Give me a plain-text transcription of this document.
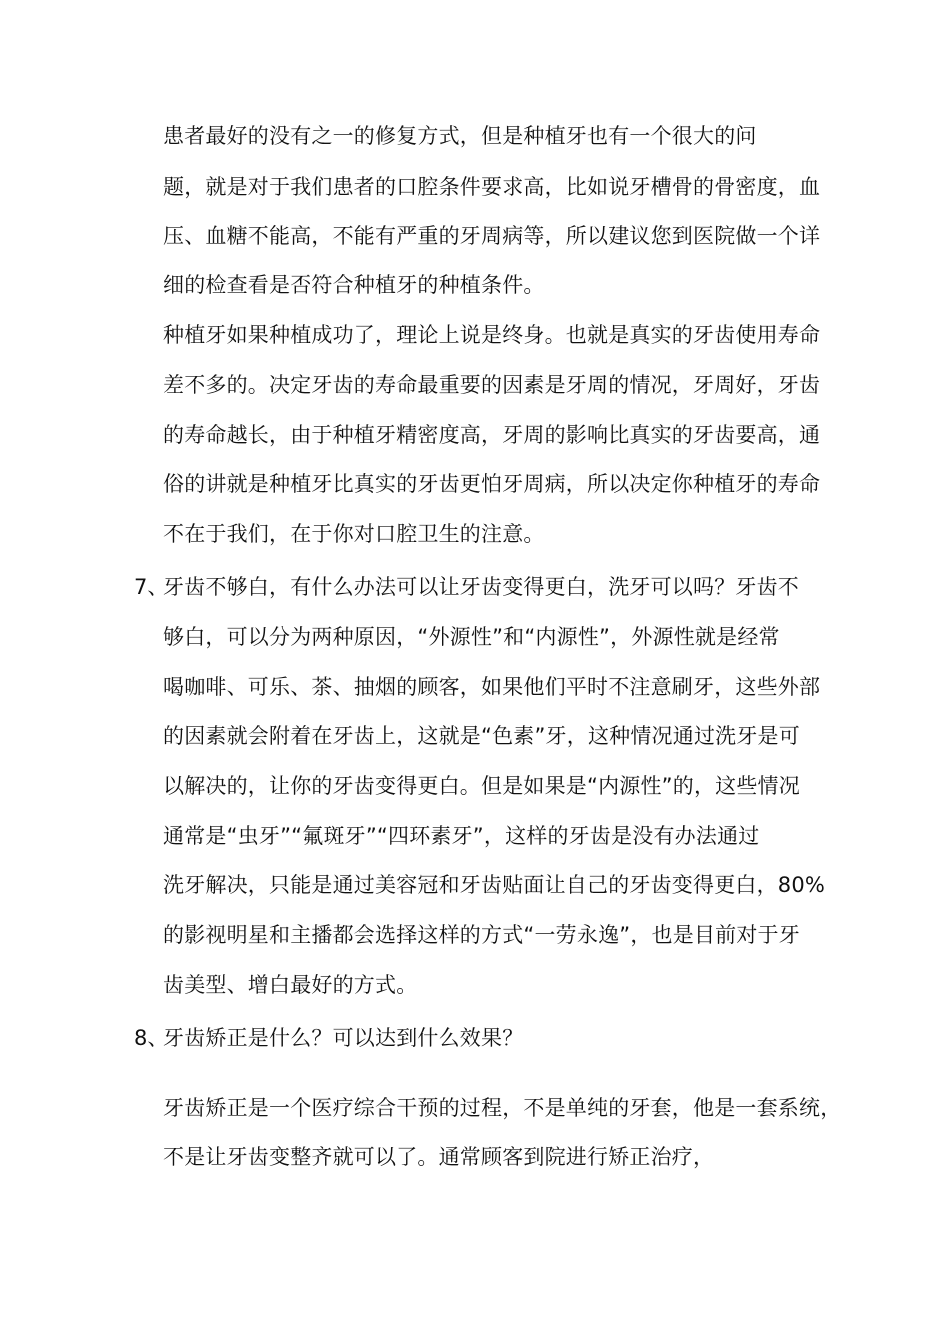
患者最好的没有之一的修复方式，但是种植牙也有一个很大的问
题，就是对于我们患者的口腔条件要求高，比如说牙槽骨的骨密度，血
压、血糖不能高，不能有严重的牙周病等，所以建议您到医院做一个详
细的检查看是否符合种植牙的种植条件。
种植牙如果种植成功了，理论上说是终身。也就是真实的牙齿使用寿命
差不多的。决定牙齿的寿命最重要的因素是牙周的情况，牙周好，牙齿
的寿命越长，由于种植牙精密度高，牙周的影响比真实的牙齿要高，通
俗的讲就是种植牙比真实的牙齿更怕牙周病，所以决定你种植牙的寿命
不在于我们，在于你对口腔卫生的注意。
7、
牙齿不够白，有什么办法可以让牙齿变得更白，洗牙可以吗？牙齿不
够白，可以分为两种原因，“外源性”和“内源性”，外源性就是经常
喝咖啡、可乐、茶、抽烟的顾客，如果他们平时不注意刷牙，这些外部
的因素就会附着在牙齿上，这就是“色素”牙，这种情况通过洗牙是可
以解决的，让你的牙齿变得更白。但是如果是“内源性”的，这些情况
通常是“虫牙”“氟斑牙”“四环素牙”，这样的牙齿是没有办法通过
洗牙解决，只能是通过美容冠和牙齿贴面让自己的牙齿变得更白，80%
的影视明星和主播都会选择这样的方式“一劳永逸”，也是目前对于牙
齿美型、增白最好的方式。
8、
牙齿矫正是什么？可以达到什么效果？
牙齿矫正是一个医疗综合干预的过程，不是单纯的牙套，他是一套系统，
不是让牙齿变整齐就可以了。通常顾客到院进行矫正治疗，
